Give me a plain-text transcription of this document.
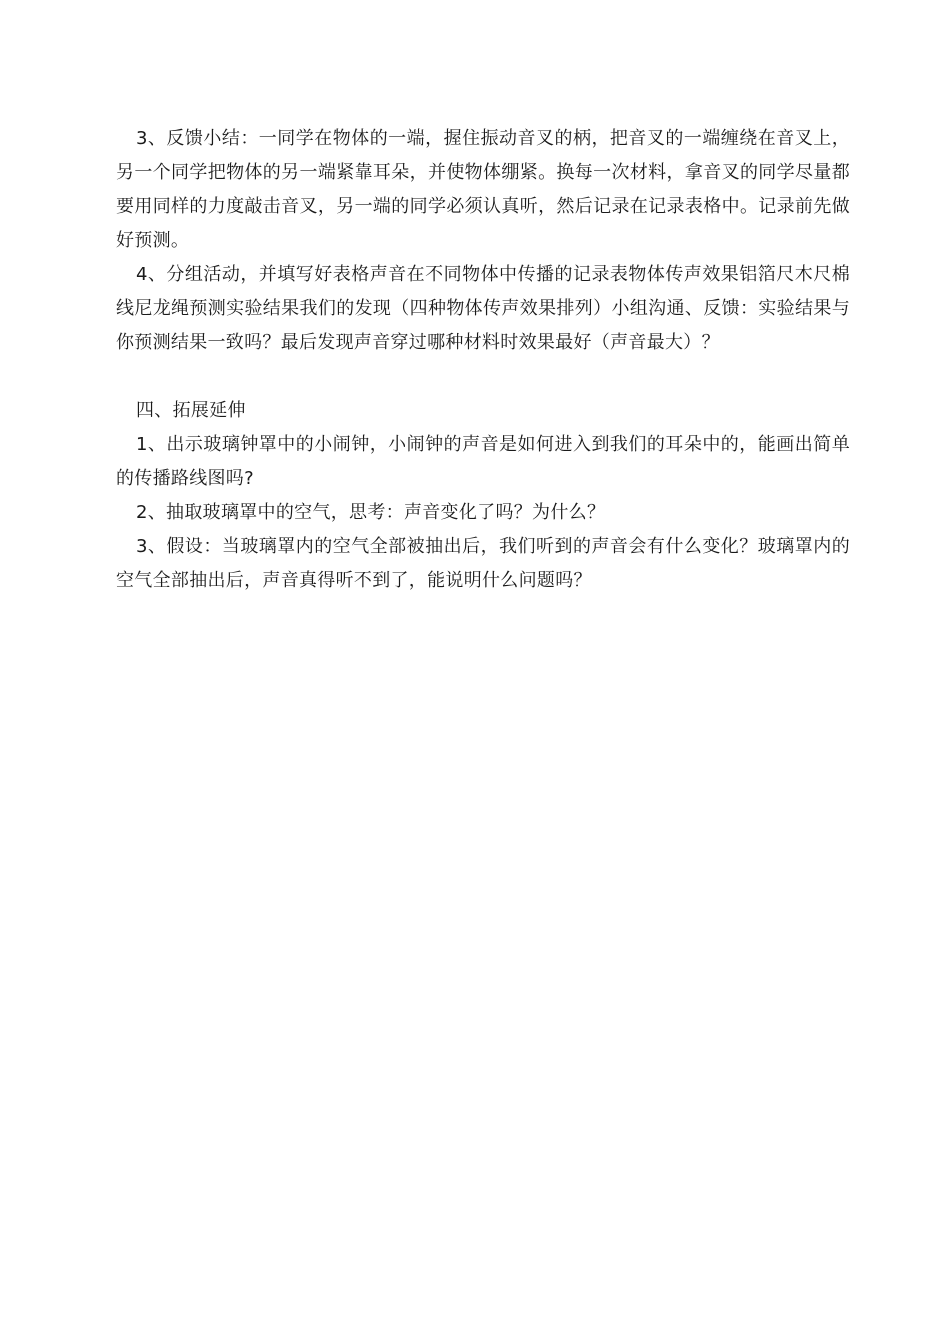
3、反馈小结：一同学在物体的一端，握住振动音叉的柄，把音叉的一端缠绕在音叉上，另一个同学把物体的另一端紧靠耳朵，并使物体绷紧。换每一次材料，拿音叉的同学尽量都要用同样的力度敲击音叉，另一端的同学必须认真听，然后记录在记录表格中。记录前先做好预测。

4、分组活动，并填写好表格声音在不同物体中传播的记录表物体传声效果铝箔尺木尺棉线尼龙绳预测实验结果我们的发现（四种物体传声效果排列）小组沟通、反馈：实验结果与你预测结果一致吗？最后发现声音穿过哪种材料时效果最好（声音最大）？

四、拓展延伸

1、出示玻璃钟罩中的小闹钟，小闹钟的声音是如何进入到我们的耳朵中的，能画出简单的传播路线图吗?

2、抽取玻璃罩中的空气，思考：声音变化了吗？为什么？

3、假设：当玻璃罩内的空气全部被抽出后，我们听到的声音会有什么变化？玻璃罩内的空气全部抽出后，声音真得听不到了，能说明什么问题吗？
